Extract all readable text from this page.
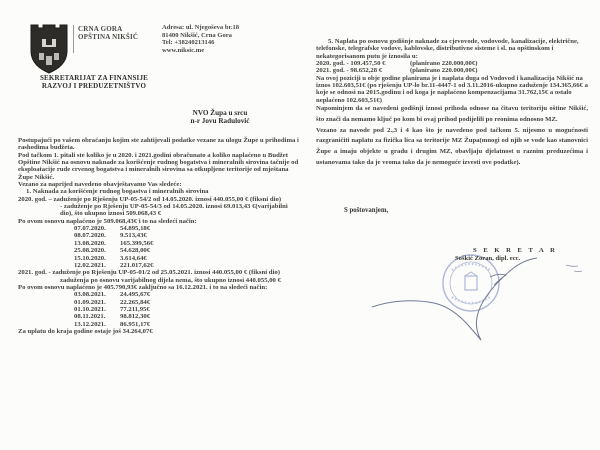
CRNA GORA
OPŠTINA NIKŠIĆ
Adresa: ul. Njegoševa br.18
81400 Nikšić, Crna Gora
Tel: +38240213146
www.niksic.me
SEKRETARIJAT ZA FINANSIJE
RAZVOJ I PREDUZETNIŠTVO
NVO Župa u srcu
n-r Jovu Radulović

Postupajući po vašem obraćanju kojim ste zahtijevali podatke vezane za ulogu Župe u prihodima i rashodima budžeta.

Pod tačkom 1. pitali ste koliko je u 2020. i 2021.godini obračunato a koliko naplaćeno u Budžet Opštine Nikšić na osnovu naknade za korišćenje rudnog bogatstva i mineralnih sirovina tačnije od eksploatacije rude crvenog bogatstva i mineralnih sirovina sa otkupljene teritorije od mještana Župe Nikšić.

Vezano za naprijed navedeno obavještavamo Vas sledeće:

1. Naknada za korišćenje rudnog bogastva i mineralnih sirovina

2020. god. – zaduženje po Rješenju UP-05-54/2 od 14.05.2020. iznosi 440.055,00 € (fiksni dio)

- zaduženje po Rješenju UP-05-54/3 od 14.05.2020. iznosi 69.013,43 €(varijabilni dio), što ukupno iznosi 509.068,43 €

Po ovom osnovu naplaćeno je 509.068,43€ i to na sledeći način:

07.07.2020. 54.895,18€
08.07.2020. 9.513,43€
13.08.2020. 165.399,56€
25.08.2020. 54.628,00€
15.10.2020. 3.614,64€
12.02.2021. 221.017,62€

2021. god. - zaduženje po Rješenju UP-05-01/2 od 25.05.2021. iznosi 440.055,00 € (fiksni dio)

zaduženja po osnovu varijabilnog dijela nema, što ukupno iznosi 440.055,00 €

Po ovom osnovu naplaćeno je 405.790,93€ zaključno sa 16.12.2021. i to na sledeći način:

03.08.2021. 24.495,67€
01.09.2021. 22.265,84€
01.10.2021. 77.211,95€
08.11.2021. 98.812,30€
13.12.2021. 86.951,17€

Za uplatu do kraja godine ostaje još 34.264,07€

5. Naplata po osnovu godišnje naknade za cjevovode, vodovode, kanalizacije, električne, telefonske, telegrafske vodove, kablovske, distributivne sisteme i sl. na opštinskom i nekategorisanom putu je iznosila u:

2020. god. - 109.457,50 €	(planirano 220.000,00€)

2021. god. - 98.652,28 €	(planirano 220.000,00€)

Na ovoj poziciji u obje godine planirana je i naplata duga od Vodovod i kanalizacija Nikšić na iznos 102.603,51€ (po rješenju UP-lo br.11-4447-1 od 3.11.2016-ukupno zaduženje 134.365,66€ a koje se odnosi na 2015.godinu i od koga je naplaćeno kompenzacijama 31.762,15€ a ostalo neplaćeno 102.603,51€)

Napominjem da se navedeni godišnji iznosi prihoda odnose na čitavu teritoriju oštine Nikšić, što znači da nemamo ključ po kom bi ovaj prihod podijelili po reonima odnosno MZ.

Vezano za navode pod 2.,3 i 4 kao što je navedeno pod tačkom 5. nijesmo u mogućnosti razgraničiti naplatu za fizička lica sa teritorije MZ Župa(mnogi od njih se vode kao stanovnici Župe a imaju objekte u gradu i drugim MZ, obavljaju djelatnost u raznim preduzećima i ustanovama tako da je veoma tako da je nemoguće izvesti ove podatke).

S poštovanjem,
S E K R E T A R
Soškić Zoran, dipl. ecc.
